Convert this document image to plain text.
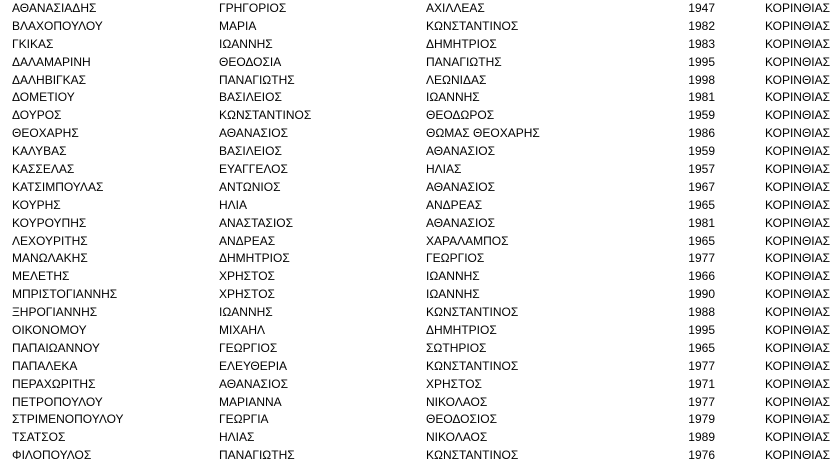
ΑΘΑΝΑΣΙΑΔΗΣ	ΓΡΗΓΟΡΙΟΣ	ΑΧΙΛΛΕΑΣ	1947	ΚΟΡΙΝΘΙΑΣ
ΒΛΑΧΟΠΟΥΛΟΥ	ΜΑΡΙΑ	ΚΩΝΣΤΑΝΤΙΝΟΣ	1982	ΚΟΡΙΝΘΙΑΣ
ΓΚΙΚΑΣ	ΙΩΑΝΝΗΣ	ΔΗΜΗΤΡΙΟΣ	1983	ΚΟΡΙΝΘΙΑΣ
ΔΑΛΑΜΑΡΙΝΗ	ΘΕΟΔΟΣΙΑ	ΠΑΝΑΓΙΩΤΗΣ	1995	ΚΟΡΙΝΘΙΑΣ
ΔΑΛΗΒΙΓΚΑΣ	ΠΑΝΑΓΙΩΤΗΣ	ΛΕΩΝΙΔΑΣ	1998	ΚΟΡΙΝΘΙΑΣ
ΔΟΜΕΤΙΟΥ	ΒΑΣΙΛΕΙΟΣ	ΙΩΑΝΝΗΣ	1981	ΚΟΡΙΝΘΙΑΣ
ΔΟΥΡΟΣ	ΚΩΝΣΤΑΝΤΙΝΟΣ	ΘΕΟΔΩΡΟΣ	1959	ΚΟΡΙΝΘΙΑΣ
ΘΕΟΧΑΡΗΣ	ΑΘΑΝΑΣΙΟΣ	ΘΩΜΑΣ ΘΕΟΧΑΡΗΣ	1986	ΚΟΡΙΝΘΙΑΣ
ΚΑΛΥΒΑΣ	ΒΑΣΙΛΕΙΟΣ	ΑΘΑΝΑΣΙΟΣ	1959	ΚΟΡΙΝΘΙΑΣ
ΚΑΣΣΕΛΑΣ	ΕΥΑΓΓΕΛΟΣ	ΗΛΙΑΣ	1957	ΚΟΡΙΝΘΙΑΣ
ΚΑΤΣΙΜΠΟΥΛΑΣ	ΑΝΤΩΝΙΟΣ	ΑΘΑΝΑΣΙΟΣ	1967	ΚΟΡΙΝΘΙΑΣ
ΚΟΥΡΗΣ	ΗΛΙΑ	ΑΝΔΡΕΑΣ	1965	ΚΟΡΙΝΘΙΑΣ
ΚΟΥΡΟΥΠΗΣ	ΑΝΑΣΤΑΣΙΟΣ	ΑΘΑΝΑΣΙΟΣ	1981	ΚΟΡΙΝΘΙΑΣ
ΛΕΧΟΥΡΙΤΗΣ	ΑΝΔΡΕΑΣ	ΧΑΡΑΛΑΜΠΟΣ	1965	ΚΟΡΙΝΘΙΑΣ
ΜΑΝΩΛΑΚΗΣ	ΔΗΜΗΤΡΙΟΣ	ΓΕΩΡΓΙΟΣ	1977	ΚΟΡΙΝΘΙΑΣ
ΜΕΛΕΤΗΣ	ΧΡΗΣΤΟΣ	ΙΩΑΝΝΗΣ	1966	ΚΟΡΙΝΘΙΑΣ
ΜΠΡΙΣΤΟΓΙΑΝΝΗΣ	ΧΡΗΣΤΟΣ	ΙΩΑΝΝΗΣ	1990	ΚΟΡΙΝΘΙΑΣ
ΞΗΡΟΓΙΑΝΝΗΣ	ΙΩΑΝΝΗΣ	ΚΩΝΣΤΑΝΤΙΝΟΣ	1988	ΚΟΡΙΝΘΙΑΣ
ΟΙΚΟΝΟΜΟΥ	ΜΙΧΑΗΛ	ΔΗΜΗΤΡΙΟΣ	1995	ΚΟΡΙΝΘΙΑΣ
ΠΑΠΑΙΩΑΝΝΟΥ	ΓΕΩΡΓΙΟΣ	ΣΩΤΗΡΙΟΣ	1965	ΚΟΡΙΝΘΙΑΣ
ΠΑΠΑΛΕΚΑ	ΕΛΕΥΘΕΡΙΑ	ΚΩΝΣΤΑΝΤΙΝΟΣ	1977	ΚΟΡΙΝΘΙΑΣ
ΠΕΡΑΧΩΡΙΤΗΣ	ΑΘΑΝΑΣΙΟΣ	ΧΡΗΣΤΟΣ	1971	ΚΟΡΙΝΘΙΑΣ
ΠΕΤΡΟΠΟΥΛΟΥ	ΜΑΡΙΑΝΝΑ	ΝΙΚΟΛΑΟΣ	1977	ΚΟΡΙΝΘΙΑΣ
ΣΤΡΙΜΕΝΟΠΟΥΛΟΥ	ΓΕΩΡΓΙΑ	ΘΕΟΔΟΣΙΟΣ	1979	ΚΟΡΙΝΘΙΑΣ
ΤΣΑΤΣΟΣ	ΗΛΙΑΣ	ΝΙΚΟΛΑΟΣ	1989	ΚΟΡΙΝΘΙΑΣ
ΦΙΛΟΠΟΥΛΟΣ	ΠΑΝΑΓΙΩΤΗΣ	ΚΩΝΣΤΑΝΤΙΝΟΣ	1976	ΚΟΡΙΝΘΙΑΣ
